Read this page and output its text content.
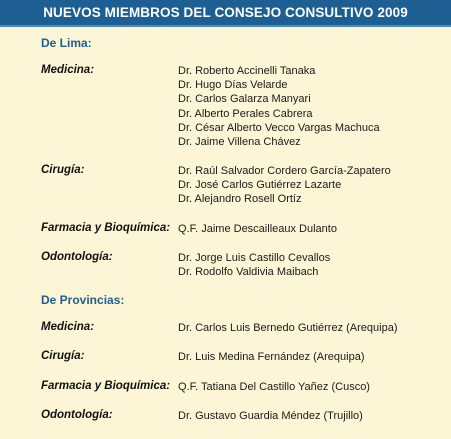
NUEVOS MIEMBROS DEL CONSEJO CONSULTIVO 2009
De Lima:
Medicina:	Dr. Roberto Accinelli Tanaka
Dr. Hugo Días Velarde
Dr. Carlos Galarza Manyari
Dr. Alberto Perales Cabrera
Dr. César Alberto Vecco Vargas Machuca
Dr. Jaime Villena Chávez
Cirugía:	Dr. Raúl Salvador Cordero García-Zapatero
Dr. José Carlos Gutiérrez Lazarte
Dr. Alejandro Rosell Ortíz
Farmacia y Bioquímica: Q.F. Jaime Descailleaux Dulanto
Odontología:	Dr. Jorge Luis Castillo Cevallos
Dr. Rodolfo Valdivia Maibach
De Provincias:
Medicina:	Dr. Carlos Luis Bernedo Gutiérrez (Arequipa)
Cirugía:	Dr. Luis Medina Fernández (Arequipa)
Farmacia y Bioquímica: Q.F. Tatiana Del Castillo Yañez (Cusco)
Odontología:	Dr. Gustavo Guardia Méndez (Trujillo)
